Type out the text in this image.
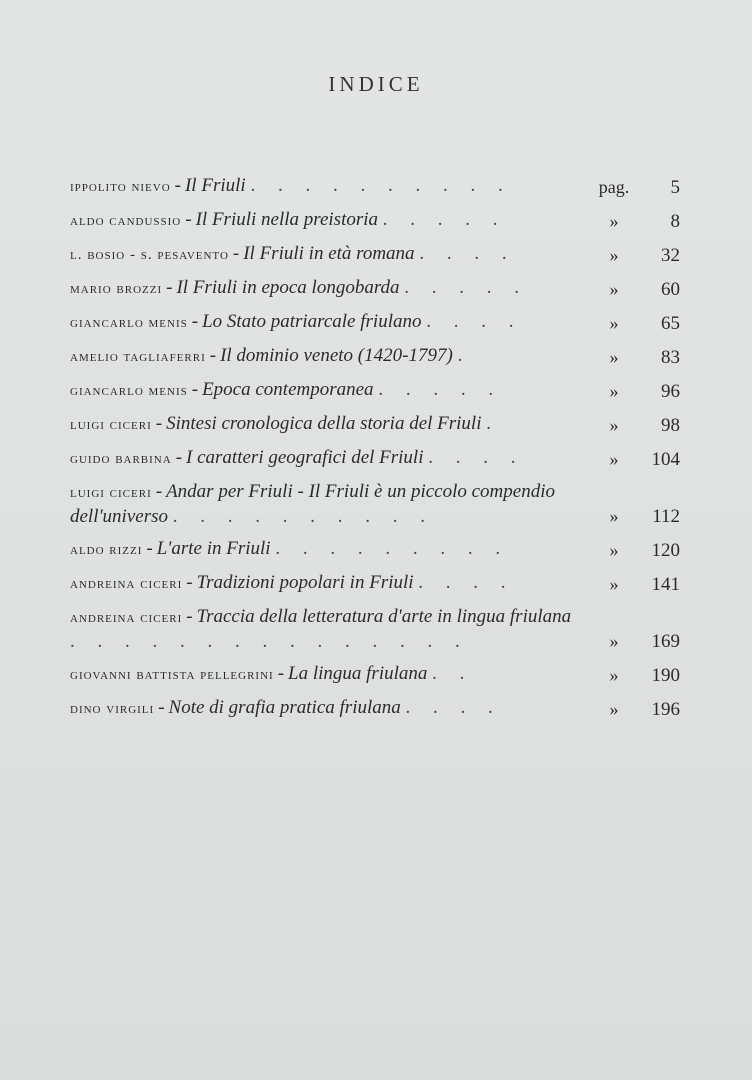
INDICE
ippolito nievo - Il Friuli . . . . . . . . . .	pag.	5
aldo candussio - Il Friuli nella preistoria . . . . .	»	8
l. bosio - s. pesavento - Il Friuli in età romana . . . .	»	32
mario brozzi - Il Friuli in epoca longobarda . . . . .	»	60
giancarlo menis - Lo Stato patriarcale friulano . . . .	»	65
amelio tagliaferri - Il dominio veneto (1420-1797) .	»	83
giancarlo menis - Epoca contemporanea . . . . .	»	96
luigi ciceri - Sintesi cronologica della storia del Friuli .	»	98
guido barbina - I caratteri geografici del Friuli . . . .	»	104
luigi ciceri - Andar per Friuli - Il Friuli è un piccolo compendio dell'universo . . . . . . . . . .	»	112
aldo rizzi - L'arte in Friuli . . . . . . . . .	»	120
andreina ciceri - Tradizioni popolari in Friuli . . . .	»	141
andreina ciceri - Traccia della letteratura d'arte in lingua friulana . . . . . . . . . . . . . . .	»	169
giovanni battista pellegrini - La lingua friulana . .	»	190
dino virgili - Note di grafia pratica friulana . . . .	»	196
